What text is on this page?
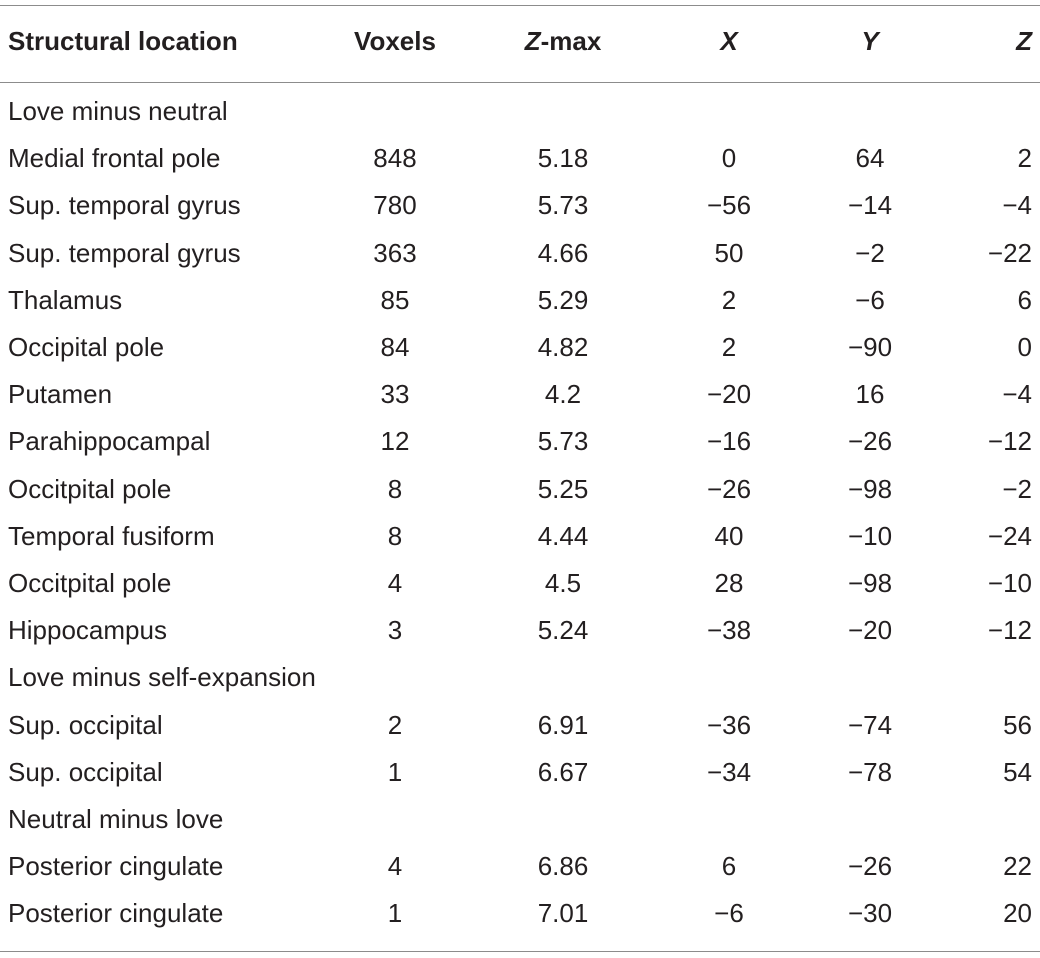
Structural location	Voxels	Z-max	X	Y	Z

Love minus neutral					
Medial frontal pole	848	5.18	0	64	2
Sup. temporal gyrus	780	5.73	−56	−14	−4
Sup. temporal gyrus	363	4.66	50	−2	−22
Thalamus	85	5.29	2	−6	6
Occipital pole	84	4.82	2	−90	0
Putamen	33	4.2	−20	16	−4
Parahippocampal	12	5.73	−16	−26	−12
Occitpital pole	8	5.25	−26	−98	−2
Temporal fusiform	8	4.44	40	−10	−24
Occitpital pole	4	4.5	28	−98	−10
Hippocampus	3	5.24	−38	−20	−12
Love minus self-expansion					
Sup. occipital	2	6.91	−36	−74	56
Sup. occipital	1	6.67	−34	−78	54
Neutral minus love					
Posterior cingulate	4	6.86	6	−26	22
Posterior cingulate	1	7.01	−6	−30	20
